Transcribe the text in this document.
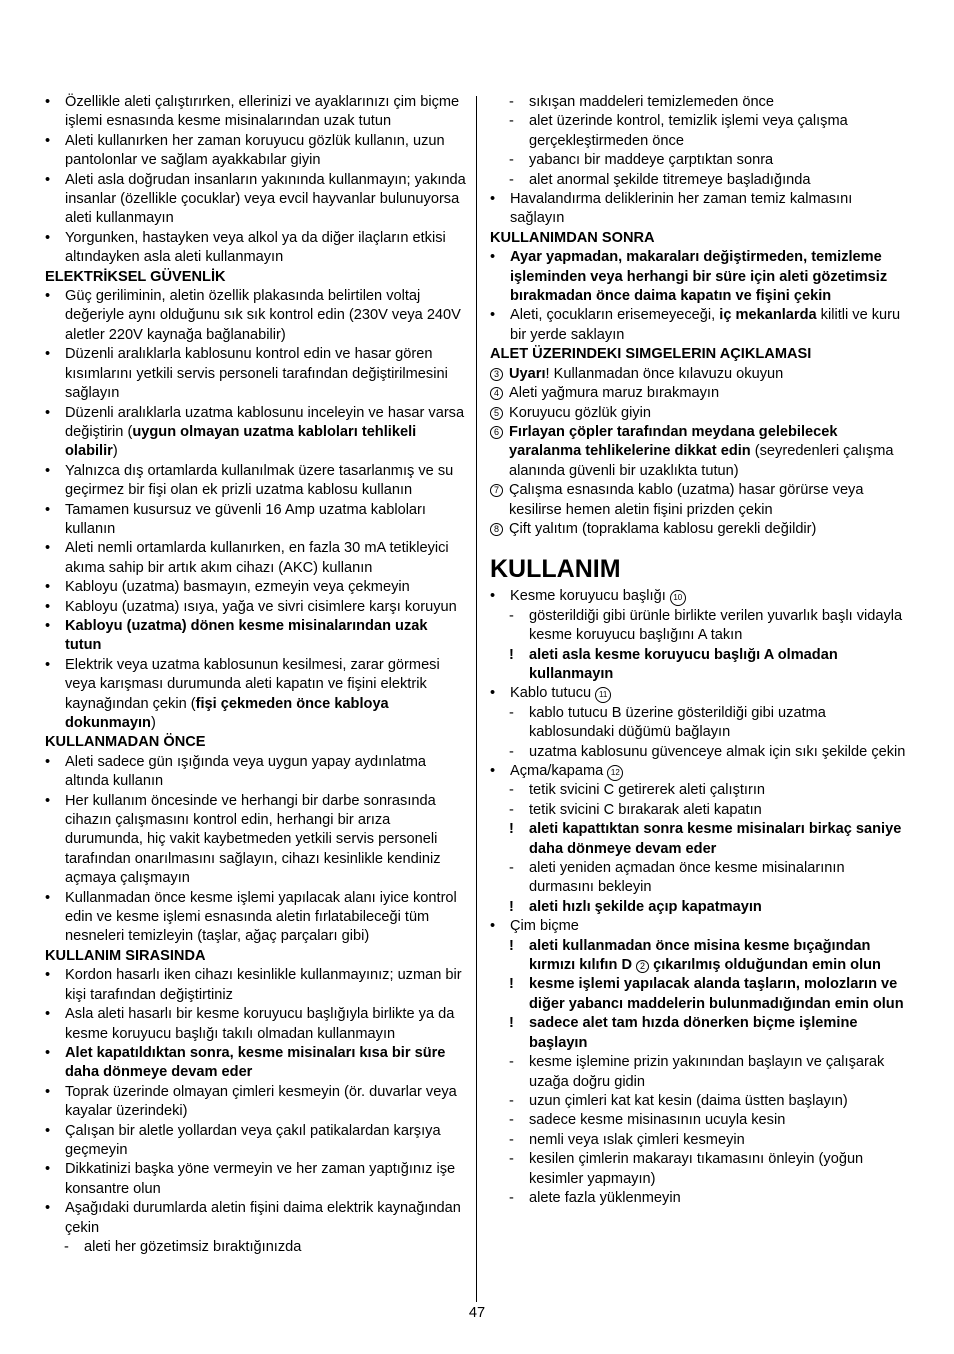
• Özellikle aleti çalıştırırken, ellerinizi ve ayaklarınızı çim biçme işlemi esnasında kesme misinalarından uzak tutun
• Aleti kullanırken her zaman koruyucu gözlük kullanın, uzun pantolonlar ve sağlam ayakkabılar giyin
• Aleti asla doğrudan insanların yakınında kullanmayın; yakında insanlar (özellikle çocuklar) veya evcil hayvanlar bulunuyorsa aleti kullanmayın
• Yorgunken, hastayken veya alkol ya da diğer ilaçların etkisi altındayken asla aleti kullanmayın
ELEKTRİKSEL GÜVENLİK
• Güç geriliminin, aletin özellik plakasında belirtilen voltaj değeriyle aynı olduğunu sık sık kontrol edin (230V veya 240V aletler 220V kaynağa bağlanabilir)
• Düzenli aralıklarla kablosunu kontrol edin ve hasar gören kısımlarını yetkili servis personeli tarafından değiştirilmesini sağlayın
• Düzenli aralıklarla uzatma kablosunu inceleyin ve hasar varsa değiştirin (uygun olmayan uzatma kabloları tehlikeli olabilir)
• Yalnızca dış ortamlarda kullanılmak üzere tasarlanmış ve su geçirmez bir fişi olan ek prizli uzatma kablosu kullanın
• Tamamen kusursuz ve güvenli 16 Amp uzatma kabloları kullanın
• Aleti nemli ortamlarda kullanırken, en fazla 30 mA tetikleyici akıma sahip bir artık akım cihazı (AKC) kullanın
• Kabloyu (uzatma) basmayın, ezmeyin veya çekmeyin
• Kabloyu (uzatma) ısıya, yağa ve sivri cisimlere karşı koruyun
• Kabloyu (uzatma) dönen kesme misinalarından uzak tutun
• Elektrik veya uzatma kablosunun kesilmesi, zarar görmesi veya karışması durumunda aleti kapatın ve fişini elektrik kaynağından çekin (fişi çekmeden önce kabloya dokunmayın)
KULLANMADAN ÖNCE
• Aleti sadece gün ışığında veya uygun yapay aydınlatma altında kullanın
• Her kullanım öncesinde ve herhangi bir darbe sonrasında cihazın çalışmasını kontrol edin, herhangi bir arıza durumunda, hiç vakit kaybetmeden yetkili servis personeli tarafından onarılmasını sağlayın, cihazı kesinlikle kendiniz açmaya çalışmayın
• Kullanmadan önce kesme işlemi yapılacak alanı iyice kontrol edin ve kesme işlemi esnasında aletin fırlatabileceği tüm nesneleri temizleyin (taşlar, ağaç parçaları gibi)
KULLANIM SIRASINDA
• Kordon hasarlı iken cihazı kesinlikle kullanmayınız; uzman bir kişi tarafından değiştirtiniz
• Asla aleti hasarlı bir kesme koruyucu başlığıyla birlikte ya da kesme koruyucu başlığı takılı olmadan kullanmayın
• Alet kapatıldıktan sonra, kesme misinaları kısa bir süre daha dönmeye devam eder
• Toprak üzerinde olmayan çimleri kesmeyin (ör. duvarlar veya kayalar üzerindeki)
• Çalışan bir aletle yollardan veya çakıl patikalardan karşıya geçmeyin
• Dikkatinizi başka yöne vermeyin ve her zaman yaptığınız işe konsantre olun
• Aşağıdaki durumlarda aletin fişini daima elektrik kaynağından çekin
- aleti her gözetimsiz bıraktığınızda
- sıkışan maddeleri temizlemeden önce
- alet üzerinde kontrol, temizlik işlemi veya çalışma gerçekleştirmeden önce
- yabancı bir maddeye çarptıktan sonra
- alet anormal şekilde titremeye başladığında
• Havalandırma deliklerinin her zaman temiz kalmasını sağlayın
KULLANIMDAN SONRA
• Ayar yapmadan, makaraları değiştirmeden, temizleme işleminden veya herhangi bir süre için aleti gözetimsiz bırakmadan önce daima kapatın ve fişini çekin
• Aleti, çocukların erisemeyeceği, iç mekanlarda kilitli ve kuru bir yerde saklayın
ALET ÜZERINDEKI SIMGELERIN AÇIKLAMASI
3 Uyarı! Kullanmadan önce kılavuzu okuyun
4 Aleti yağmura maruz bırakmayın
5 Koruyucu gözlük giyin
6 Fırlayan çöpler tarafından meydana gelebilecek yaralanma tehlikelerine dikkat edin (seyredenleri çalışma alanında güvenli bir uzaklıkta tutun)
7 Çalışma esnasında kablo (uzatma) hasar görürse veya kesilirse hemen aletin fişini prizden çekin
8 Çift yalıtım (topraklama kablosu gerekli değildir)
KULLANIM
• Kesme koruyucu başlığı 10
- gösterildiği gibi ürünle birlikte verilen yuvarlık başlı vidayla kesme koruyucu başlığını A takın
! aleti asla kesme koruyucu başlığı A olmadan kullanmayın
• Kablo tutucu 11
- kablo tutucu B üzerine gösterildiği gibi uzatma kablosundaki düğümü bağlayın
- uzatma kablosunu güvenceye almak için sıkı şekilde çekin
• Açma/kapama 12
- tetik svicini C getirerek aleti çalıştırın
- tetik svicini C bırakarak aleti kapatın
! aleti kapattıktan sonra kesme misinaları birkaç saniye daha dönmeye devam eder
- aleti yeniden açmadan önce kesme misinalarının durmasını bekleyin
! aleti hızlı şekilde açıp kapatmayın
• Çim biçme
! aleti kullanmadan önce misina kesme bıçağından kırmızı kılıfın D 2 çıkarılmış olduğundan emin olun
! kesme işlemi yapılacak alanda taşların, molozların ve diğer yabancı maddelerin bulunmadığından emin olun
! sadece alet tam hızda dönerken biçme işlemine başlayın
- kesme işlemine prizin yakınından başlayın ve çalışarak uzağa doğru gidin
- uzun çimleri kat kat kesin (daima üstten başlayın)
- sadece kesme misinasının ucuyla kesin
- nemli veya ıslak çimleri kesmeyin
- kesilen çimlerin makarayı tıkamasını önleyin (yoğun kesimler yapmayın)
- alete fazla yüklenmeyin
47
